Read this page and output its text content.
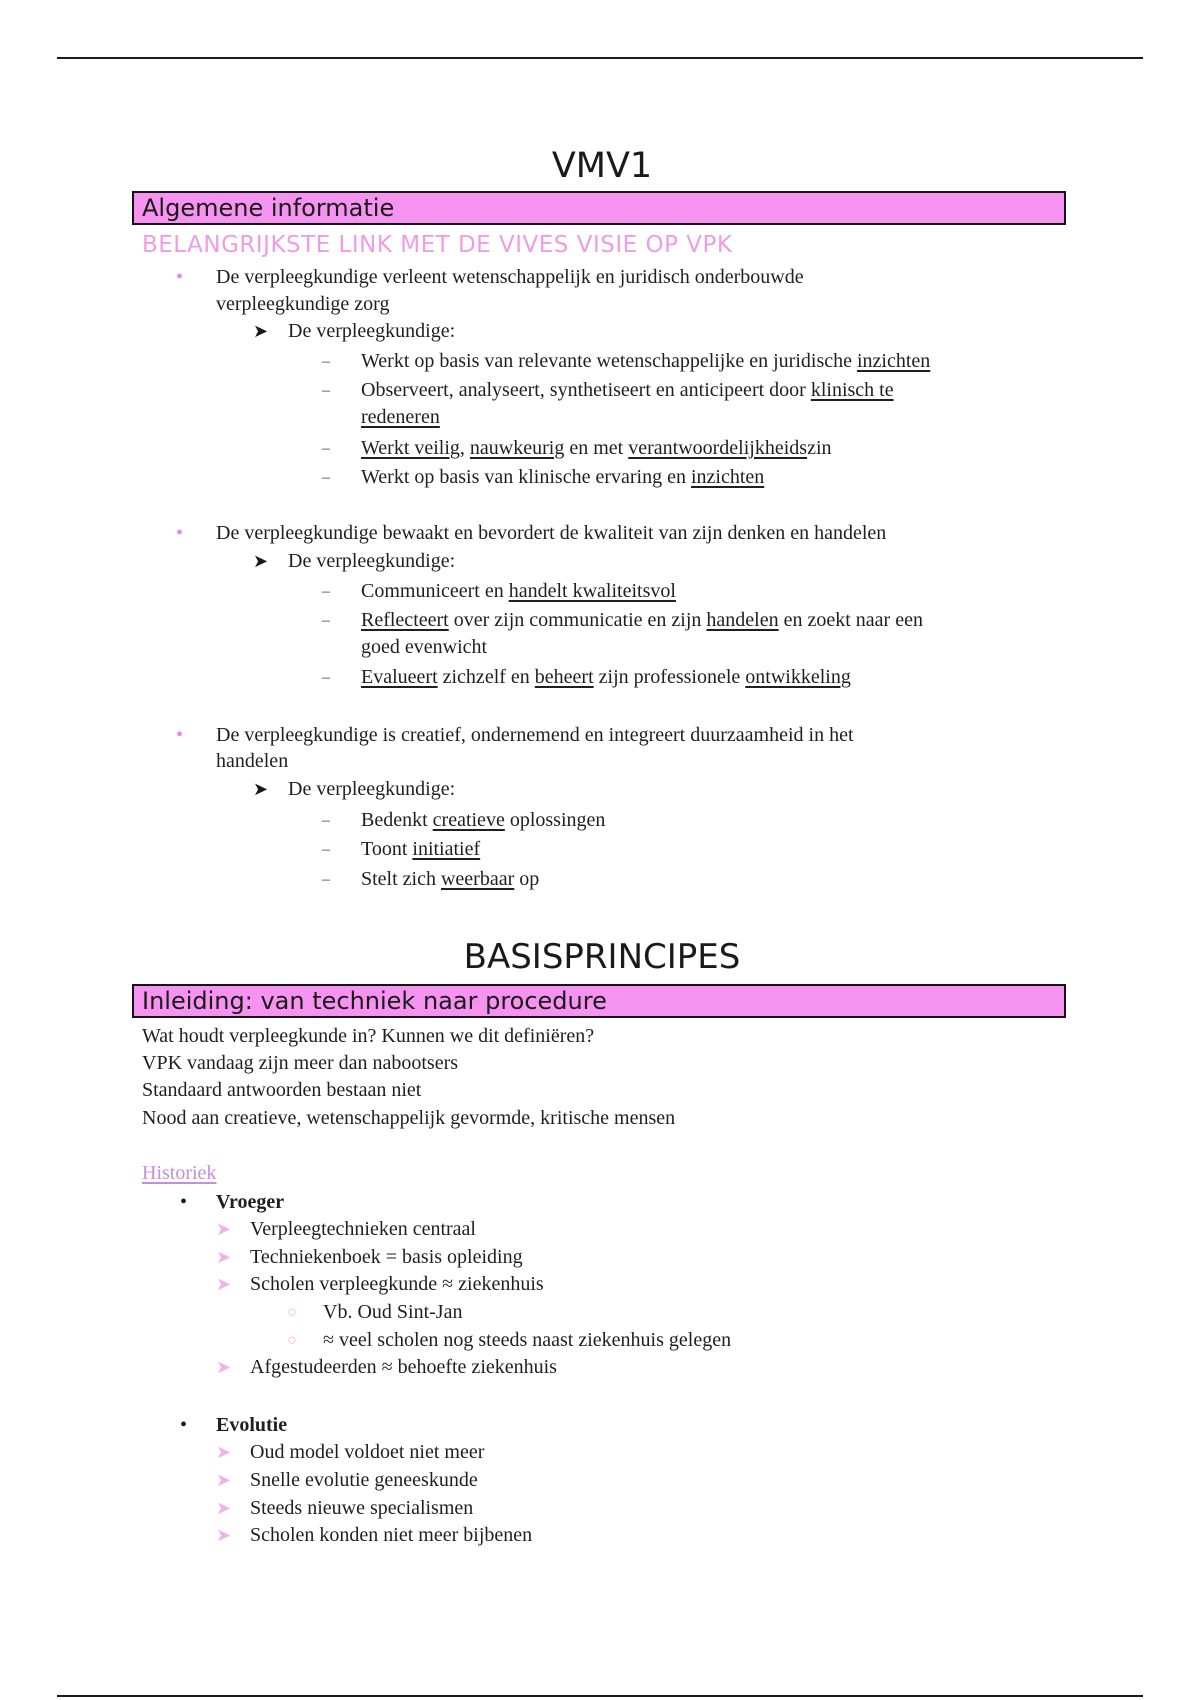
VMV1
Algemene informatie
BELANGRIJKSTE LINK MET DE VIVES VISIE OP VPK
• De verpleegkundige verleent wetenschappelijk en juridisch onderbouwde
verpleegkundige zorg
➤ De verpleegkundige:
– Werkt op basis van relevante wetenschappelijke en juridische inzichten
– Observeert, analyseert, synthetiseert en anticipeert door klinisch te
redeneren
– Werkt veilig, nauwkeurig en met verantwoordelijkheidszin
– Werkt op basis van klinische ervaring en inzichten
• De verpleegkundige bewaakt en bevordert de kwaliteit van zijn denken en handelen
➤ De verpleegkundige:
– Communiceert en handelt kwaliteitsvol
– Reflecteert over zijn communicatie en zijn handelen en zoekt naar een
goed evenwicht
– Evalueert zichzelf en beheert zijn professionele ontwikkeling
• De verpleegkundige is creatief, ondernemend en integreert duurzaamheid in het
handelen
➤ De verpleegkundige:
– Bedenkt creatieve oplossingen
– Toont initiatief
– Stelt zich weerbaar op
BASISPRINCIPES
Inleiding: van techniek naar procedure
Wat houdt verpleegkunde in? Kunnen we dit definiëren?
VPK vandaag zijn meer dan nabootsers
Standaard antwoorden bestaan niet
Nood aan creatieve, wetenschappelijk gevormde, kritische mensen
Historiek
• Vroeger
➤ Verpleegtechnieken centraal
➤ Techniekenboek = basis opleiding
➤ Scholen verpleegkunde ≈ ziekenhuis
○ Vb. Oud Sint-Jan
○ ≈ veel scholen nog steeds naast ziekenhuis gelegen
➤ Afgestudeerden ≈ behoefte ziekenhuis
• Evolutie
➤ Oud model voldoet niet meer
➤ Snelle evolutie geneeskunde
➤ Steeds nieuwe specialismen
➤ Scholen konden niet meer bijbenen
